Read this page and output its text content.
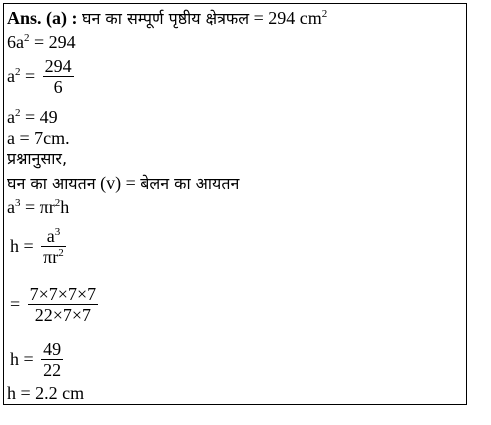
Ans. (a) : घन का सम्पूर्ण पृष्ठीय क्षेत्रफल = 294 $cm^2$
$6a^2 = 294$
$a^2 = \frac{294}{6}$
$a^2 = 49$
a = 7cm.
प्रश्नानुसार,
घन का आयतन (v) = बेलन का आयतन
$a^3 = \pi r^2h$
$h = \frac{a^3}{\pi r^2}$
= $\frac{7\times 7\times 7\times 7}{22\times 7\times 7}$
$h = \frac{49}{22}$
h = 2.2 cm
